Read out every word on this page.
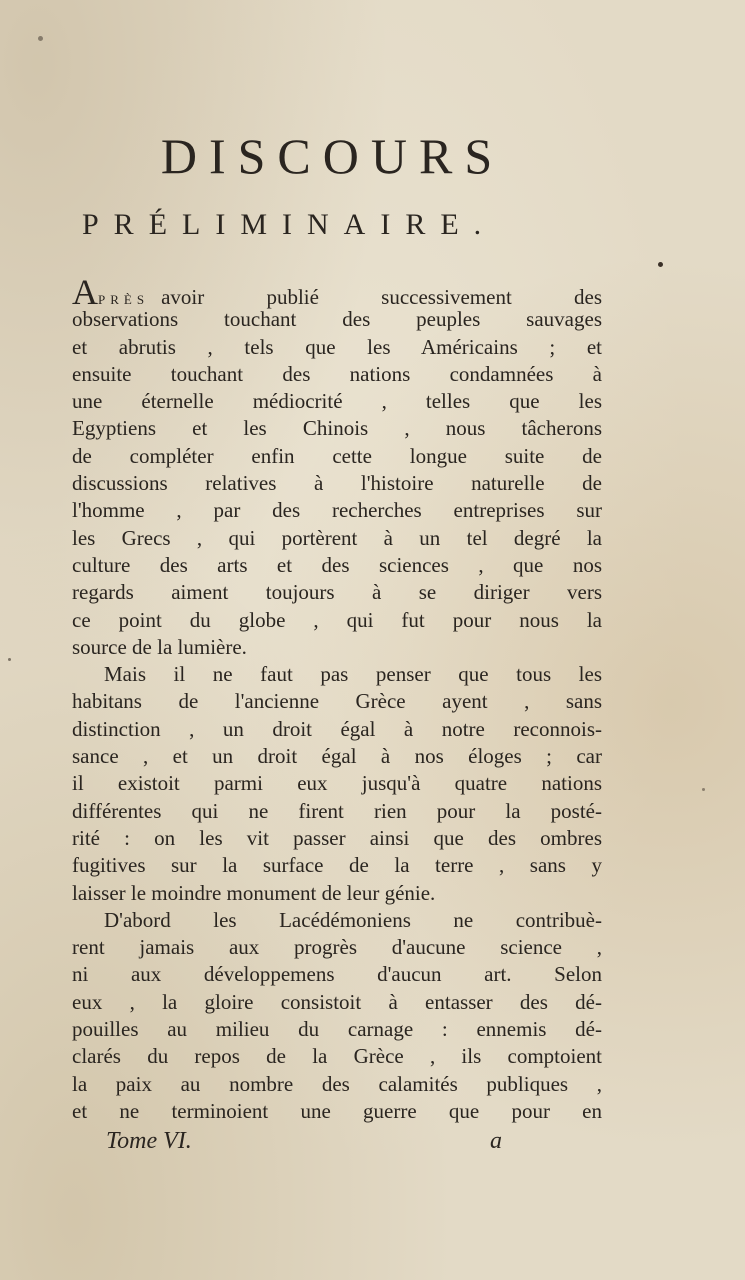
DISCOURS
PRÉLIMINAIRE.
A PRÈS avoir publié successivement des
observations touchant des peuples sauvages
et abrutis , tels que les Américains ; et
ensuite touchant des nations condamnées à
une éternelle médiocrité , telles que les
Egyptiens et les Chinois , nous tâcherons
de compléter enfin cette longue suite de
discussions relatives à l'histoire naturelle de
l'homme , par des recherches entreprises sur
les Grecs , qui portèrent à un tel degré la
culture des arts et des sciences , que nos
regards aiment toujours à se diriger vers
ce point du globe , qui fut pour nous la
source de la lumière.
Mais il ne faut pas penser que tous les
habitans de l'ancienne Grèce ayent , sans
distinction , un droit égal à notre reconnois-
sance , et un droit égal à nos éloges ; car
il existoit parmi eux jusqu'à quatre nations
différentes qui ne firent rien pour la posté-
rité : on les vit passer ainsi que des ombres
fugitives sur la surface de la terre , sans y
laisser le moindre monument de leur génie.
D'abord les Lacédémoniens ne contribuè-
rent jamais aux progrès d'aucune science ,
ni aux développemens d'aucun art. Selon
eux , la gloire consistoit à entasser des dé-
pouilles au milieu du carnage : ennemis dé-
clarés du repos de la Grèce , ils comptoient
la paix au nombre des calamités publiques ,
et ne terminoient une guerre que pour en
Tome VI.	a
